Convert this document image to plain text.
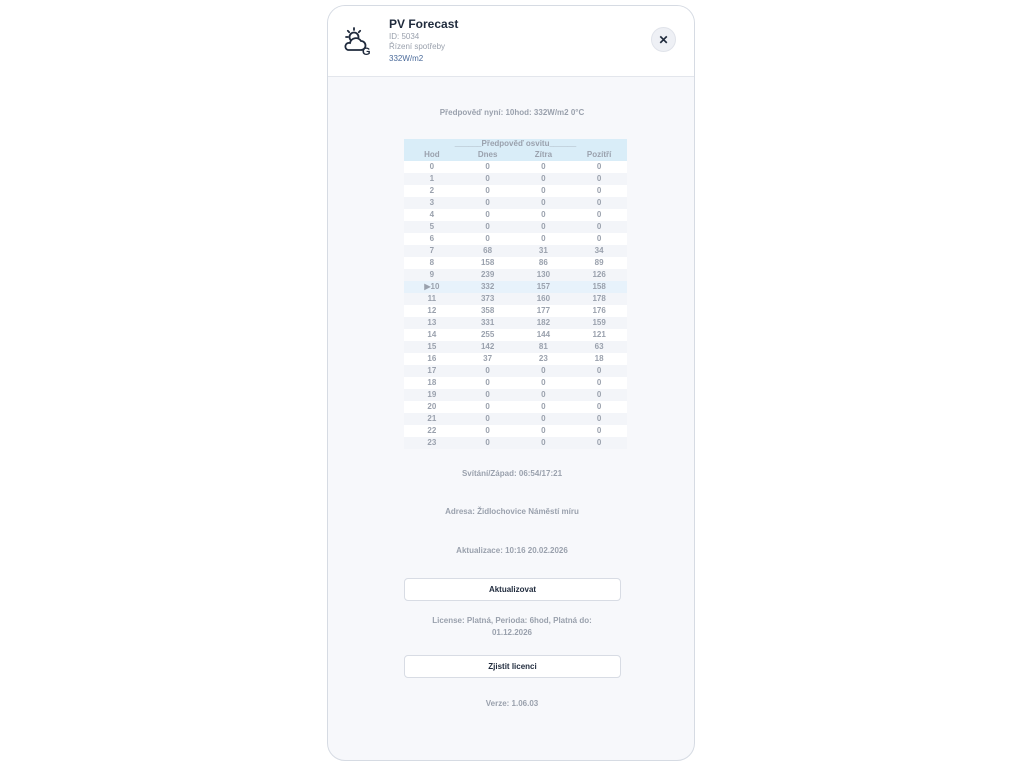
G
PV Forecast
ID: 5034
Řízení spotřeby
332W/m2
✕
Předpověď nyní: 10hod: 332W/m2 0°C
______Předpověď osvitu______
Hod	Dnes	Zítra	Pozítří
0	0	0	0
1	0	0	0
2	0	0	0
3	0	0	0
4	0	0	0
5	0	0	0
6	0	0	0
7	68	31	34
8	158	86	89
9	239	130	126
▶10	332	157	158
11	373	160	178
12	358	177	176
13	331	182	159
14	255	144	121
15	142	81	63
16	37	23	18
17	0	0	0
18	0	0	0
19	0	0	0
20	0	0	0
21	0	0	0
22	0	0	0
23	0	0	0
Svítání/Západ: 06:54/17:21
Adresa: Židlochovice Náměstí míru
Aktualizace: 10:16 20.02.2026
Aktualizovat
License: Platná, Perioda: 6hod, Platná do:
01.12.2026
Zjistit licenci
Verze: 1.06.03
